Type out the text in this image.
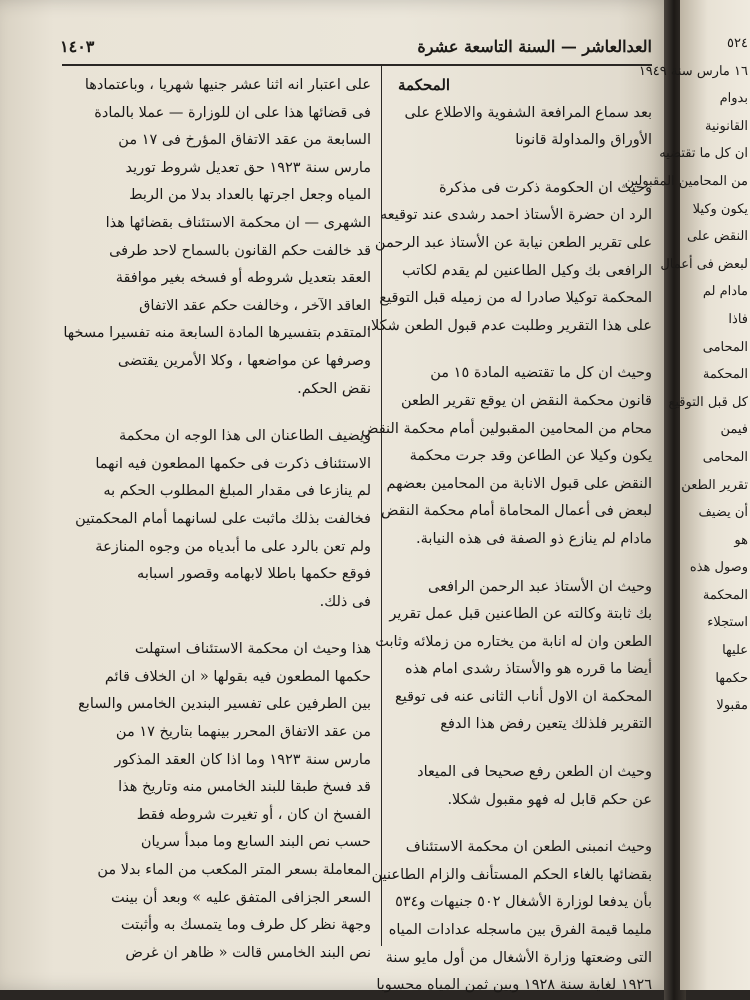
العدالعاشر — السنة التاسعة عشرة
١٤٠٣
المحكمة
بعد سماع المرافعة الشفوية والاطلاع على
الأوراق والمداولة قانونا
وحيث ان الحكومة ذكرت فى مذكرة
الرد ان حضرة الأستاذ احمد رشدى عند توقيعه
على تقرير الطعن نيابة عن الأستاذ عبد الرحمن
الرافعى بك وكيل الطاعنين لم يقدم لكاتب
المحكمة توكيلا صادرا له من زميله قبل التوقيع
على هذا التقرير وطلبت عدم قبول الطعن شكلا.
وحيث ان كل ما تقتضيه المادة ١٥ من
قانون محكمة النقض ان يوقع تقرير الطعن
محام من المحامين المقبولين أمام محكمة النقض
يكون وكيلا عن الطاعن وقد جرت محكمة
النقض على قبول الانابة من المحامين بعضهم
لبعض فى أعمال المحاماة أمام محكمة النقض
مادام لم ينازع ذو الصفة فى هذه النيابة.
وحيث ان الأستاذ عبد الرحمن الرافعى
بك ثابتة وكالته عن الطاعنين قبل عمل تقرير
الطعن وان له انابة من يختاره من زملائه وثابت
أيضا ما قرره هو والأستاذ رشدى امام هذه
المحكمة ان الاول أناب الثانى عنه فى توقيع
التقرير فلذلك يتعين رفض هذا الدفع
وحيث ان الطعن رفع صحيحا فى الميعاد
عن حكم قابل له فهو مقبول شكلا.
وحيث انمبنى الطعن ان محكمة الاستئناف
بقضائها بالغاء الحكم المستأنف والزام الطاعنين
بأن يدفعا لوزارة الأشغال ٥٠٢ جنيهات و٥٣٤
مليما قيمة الفرق بين ماسجله عدادات المياه
التى وضعتها وزارة الأشغال من أول مايو سنة
١٩٢٦ لغاية سنة ١٩٢٨ وبين ثمن المياه محسوبا
على اعتبار انه اثنا عشر جنيها شهريا ، وباعتمادها
فى قضائها هذا على ان للوزارة — عملا بالمادة
السابعة من عقد الاتفاق المؤرخ فى ١٧ من
مارس سنة ١٩٢٣ حق تعديل شروط توريد
المياه وجعل اجرتها بالعداد بدلا من الربط
الشهرى — ان محكمة الاستئناف بقضائها هذا
قد خالفت حكم القانون بالسماح لاحد طرفى
العقد بتعديل شروطه أو فسخه بغير موافقة
العاقد الآخر ، وخالفت حكم عقد الاتفاق
المتقدم بتفسيرها المادة السابعة منه تفسيرا مسخها
وصرفها عن مواضعها ، وكلا الأمرين يقتضى
نقض الحكم.
ويضيف الطاعنان الى هذا الوجه ان محكمة
الاستئناف ذكرت فى حكمها المطعون فيه انهما
لم ينازعا فى مقدار المبلغ المطلوب الحكم به
فخالفت بذلك ماثبت على لسانهما أمام المحكمتين
ولم تعن بالرد على ما أبدياه من وجوه المنازعة
فوقع حكمها باطلا لابهامه وقصور اسبابه
فى ذلك.
هذا وحيث ان محكمة الاستئناف استهلت
حكمها المطعون فيه بقولها « ان الخلاف قائم
بين الطرفين على تفسير البندين الخامس والسابع
من عقد الاتفاق المحرر بينهما بتاريخ ١٧ من
مارس سنة ١٩٢٣ وما اذا كان العقد المذكور
قد فسخ طبقا للبند الخامس منه وتاريخ هذا
الفسخ ان كان ، أو تغيرت شروطه فقط
حسب نص البند السابع وما مبدأ سريان
المعاملة بسعر المتر المكعب من الماء بدلا من
السعر الجزافى المتفق عليه » وبعد أن بينت
وجهة نظر كل طرف وما يتمسك به وأثبتت
نص البند الخامس قالت « ظاهر ان غرض
٥٢٤
١٦ مارس سنة ١٩٤٩
بدوام
القانونية
ان كل ما تقتضيه
من المحامين المقبولين
يكون وكيلا
النقض على
لبعض فى أعمال
مادام لم
فاذا
المحامى
المحكمة
كل قبل التوقيع
فيمن
المحامى
تقرير الطعن
أن يضيف
هو
وصول هذه
المحكمة
استجلاء
عليها
حكمها
مقبولا
